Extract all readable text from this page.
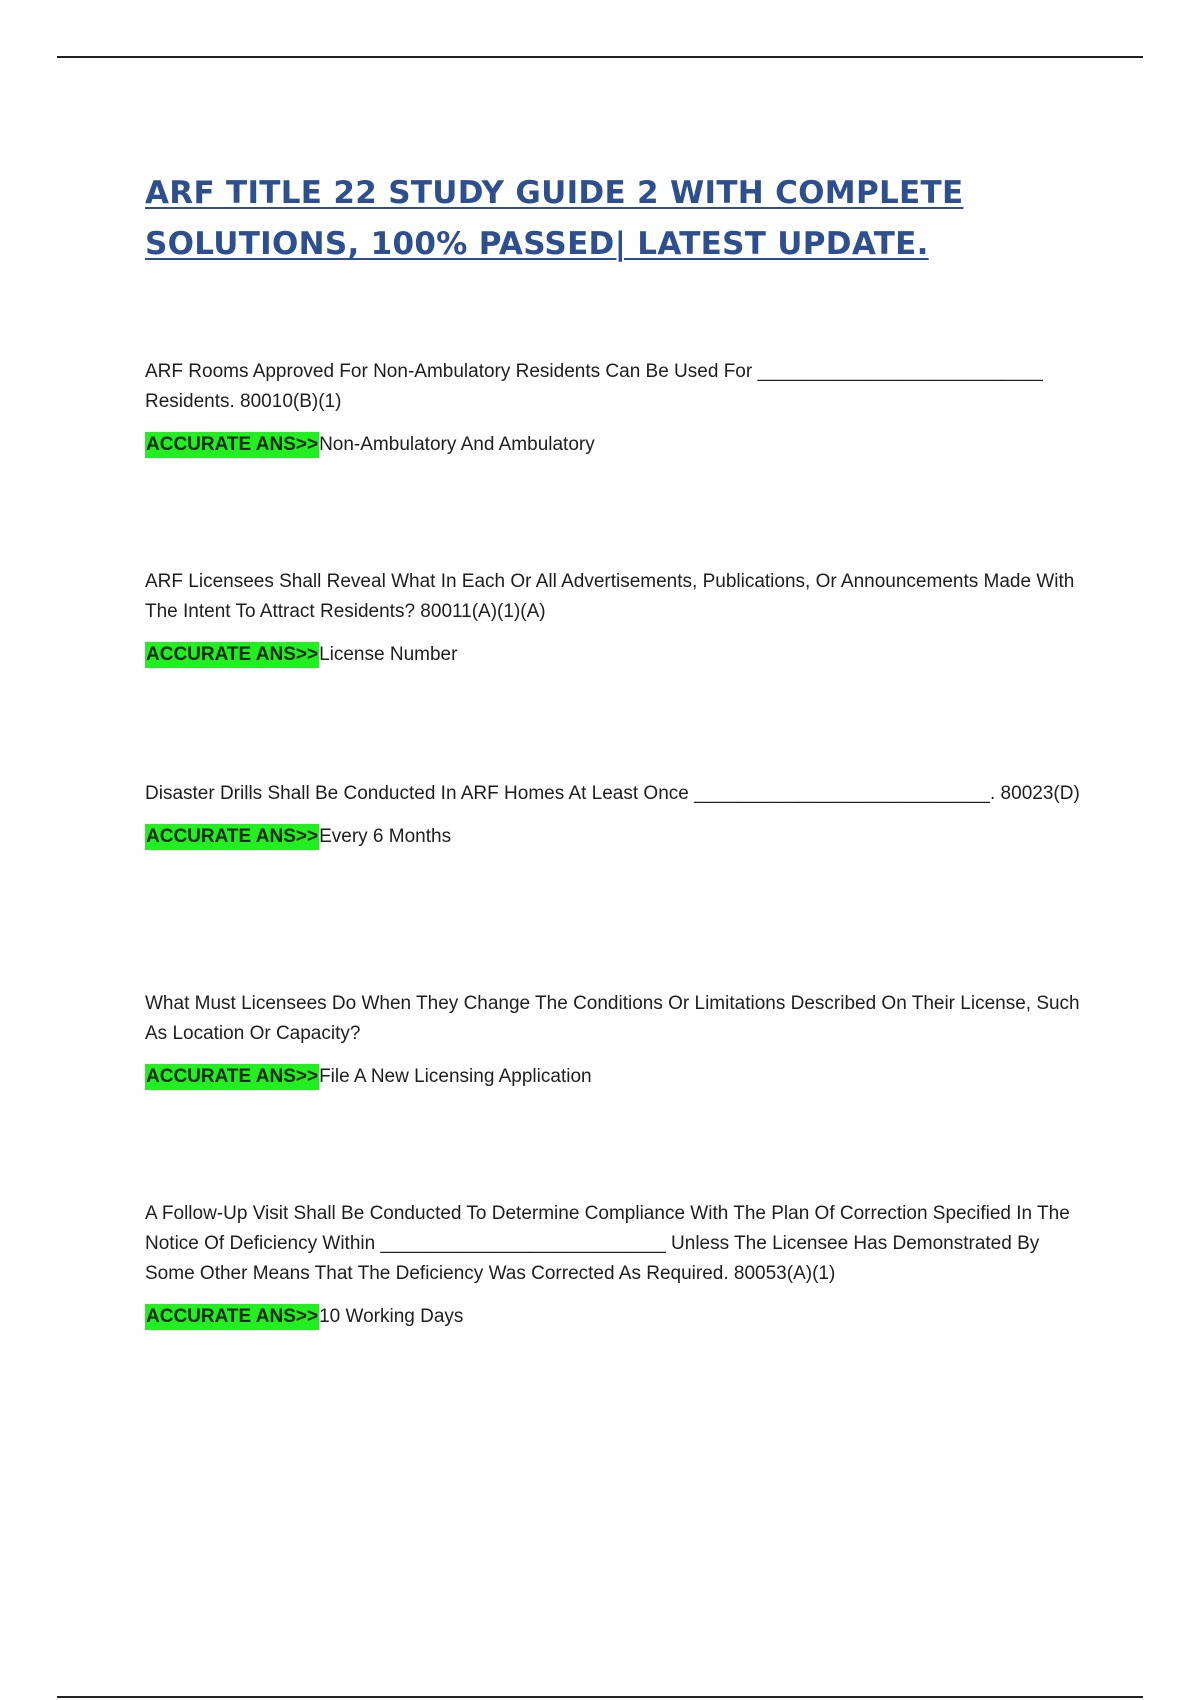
ARF TITLE 22 STUDY GUIDE 2 WITH COMPLETE SOLUTIONS, 100% PASSED| LATEST UPDATE.

ARF Rooms Approved For Non-Ambulatory Residents Can Be Used For ___________________________ Residents. 80010(B)(1)

ACCURATE ANS>>Non-Ambulatory And Ambulatory

ARF Licensees Shall Reveal What In Each Or All Advertisements, Publications, Or Announcements Made With The Intent To Attract Residents? 80011(A)(1)(A)

ACCURATE ANS>>License Number

Disaster Drills Shall Be Conducted In ARF Homes At Least Once ____________________________. 80023(D)

ACCURATE ANS>>Every 6 Months

What Must Licensees Do When They Change The Conditions Or Limitations Described On Their License, Such As Location Or Capacity?

ACCURATE ANS>>File A New Licensing Application

A Follow-Up Visit Shall Be Conducted To Determine Compliance With The Plan Of Correction Specified In The Notice Of Deficiency Within ___________________________ Unless The Licensee Has Demonstrated By Some Other Means That The Deficiency Was Corrected As Required. 80053(A)(1)

ACCURATE ANS>>10 Working Days
